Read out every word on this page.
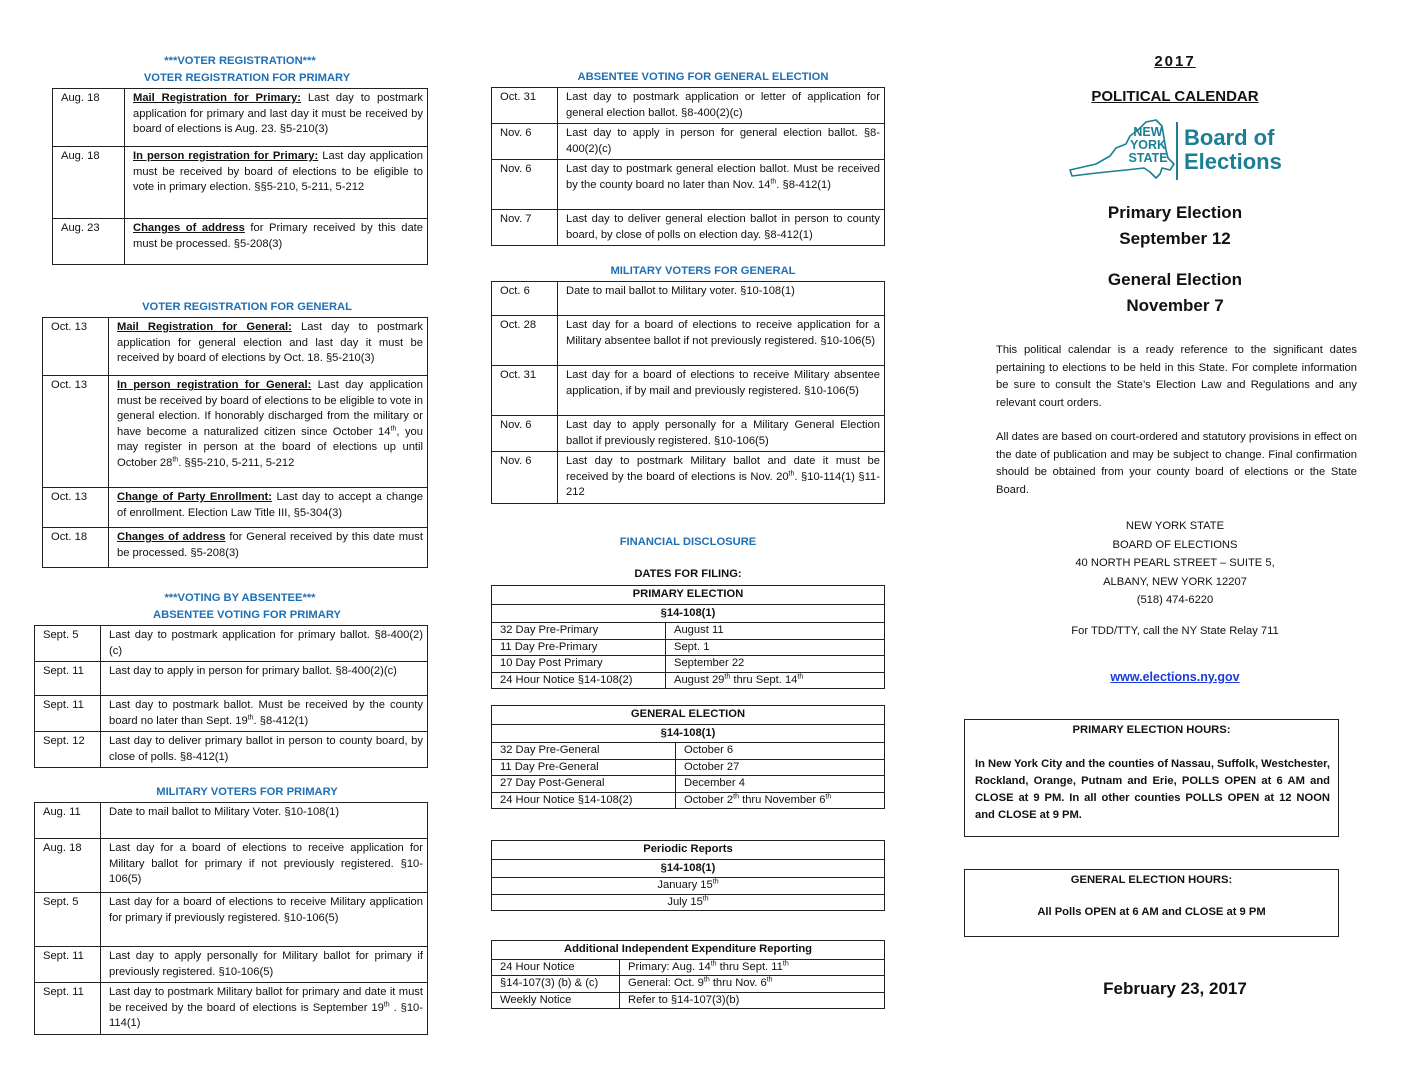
***VOTER REGISTRATION***
VOTER REGISTRATION FOR PRIMARY
Aug. 18	Mail Registration for Primary: Last day to postmark application for primary and last day it must be received by board of elections is Aug. 23. §5-210(3)
Aug. 18	In person registration for Primary: Last day application must be received by board of elections to be eligible to vote in primary election. §§5-210, 5-211, 5-212
Aug. 23	Changes of address for Primary received by this date must be processed. §5-208(3)
VOTER REGISTRATION FOR GENERAL
Oct. 13	Mail Registration for General: Last day to postmark application for general election and last day it must be received by board of elections by Oct. 18. §5-210(3)
Oct. 13	In person registration for General: Last day application must be received by board of elections to be eligible to vote in general election. If honorably discharged from the military or have become a naturalized citizen since October 14th, you may register in person at the board of elections up until October 28th. §§5-210, 5-211, 5-212
Oct. 13	Change of Party Enrollment: Last day to accept a change of enrollment. Election Law Title III, §5-304(3)
Oct. 18	Changes of address for General received by this date must be processed. §5-208(3)
***VOTING BY ABSENTEE***
ABSENTEE VOTING FOR PRIMARY
Sept. 5	Last day to postmark application for primary ballot. §8-400(2)(c)
Sept. 11	Last day to apply in person for primary ballot. §8-400(2)(c)
Sept. 11	Last day to postmark ballot. Must be received by the county board no later than Sept. 19th. §8-412(1)
Sept. 12	Last day to deliver primary ballot in person to county board, by close of polls. §8-412(1)
MILITARY VOTERS FOR PRIMARY
Aug. 11	Date to mail ballot to Military Voter. §10-108(1)
Aug. 18	Last day for a board of elections to receive application for Military ballot for primary if not previously registered. §10-106(5)
Sept. 5	Last day for a board of elections to receive Military application for primary if previously registered. §10-106(5)
Sept. 11	Last day to apply personally for Military ballot for primary if previously registered. §10-106(5)
Sept. 11	Last day to postmark Military ballot for primary and date it must be received by the board of elections is September 19th . §10-114(1)
ABSENTEE VOTING FOR GENERAL ELECTION
Oct. 31	Last day to postmark application or letter of application for general election ballot. §8-400(2)(c)
Nov. 6	Last day to apply in person for general election ballot. §8-400(2)(c)
Nov. 6	Last day to postmark general election ballot. Must be received by the county board no later than Nov. 14th. §8-412(1)
Nov. 7	Last day to deliver general election ballot in person to county board, by close of polls on election day. §8-412(1)
MILITARY VOTERS FOR GENERAL
Oct. 6	Date to mail ballot to Military voter. §10-108(1)
Oct. 28	Last day for a board of elections to receive application for a Military absentee ballot if not previously registered. §10-106(5)
Oct. 31	Last day for a board of elections to receive Military absentee application, if by mail and previously registered. §10-106(5)
Nov. 6	Last day to apply personally for a Military General Election ballot if previously registered. §10-106(5)
Nov. 6	Last day to postmark Military ballot and date it must be received by the board of elections is Nov. 20th. §10-114(1) §11-212
FINANCIAL DISCLOSURE
DATES FOR FILING:
PRIMARY ELECTION	
§14-108(1)	
32 Day Pre-Primary	August 11
11 Day Pre-Primary	Sept. 1
10 Day Post Primary	September 22
24 Hour Notice §14-108(2)	August 29th thru Sept. 14th
GENERAL ELECTION	
§14-108(1)	
32 Day Pre-General	October 6
11 Day Pre-General	October 27
27 Day Post-General	December 4
24 Hour Notice §14-108(2)	October 2th thru November 6th
Periodic Reports
§14-108(1)
January 15th
July 15th
Additional Independent Expenditure Reporting	
24 Hour Notice	Primary: Aug. 14th thru Sept. 11th
§14-107(3) (b) & (c)	General: Oct. 9th thru Nov. 6th
Weekly Notice	Refer to §14-107(3)(b)
2017
POLITICAL CALENDAR
NEW
YORK
STATE
Board of
Elections
Primary Election
September 12
General Election
November 7
This political calendar is a ready reference to the significant dates pertaining to elections to be held in this State. For complete information be sure to consult the State’s Election Law and Regulations and any relevant court orders.
All dates are based on court-ordered and statutory provisions in effect on the date of publication and may be subject to change. Final confirmation should be obtained from your county board of elections or the State Board.
NEW YORK STATE
BOARD OF ELECTIONS
40 NORTH PEARL STREET – SUITE 5,
ALBANY, NEW YORK 12207
(518) 474-6220
For TDD/TTY, call the NY State Relay 711
www.elections.ny.gov
PRIMARY ELECTION HOURS:
In New York City and the counties of Nassau, Suffolk, Westchester, Rockland, Orange, Putnam and Erie, POLLS OPEN at 6 AM and CLOSE at 9 PM. In all other counties POLLS OPEN at 12 NOON and CLOSE at 9 PM.
GENERAL ELECTION HOURS:
All Polls OPEN at 6 AM and CLOSE at 9 PM
February 23, 2017
